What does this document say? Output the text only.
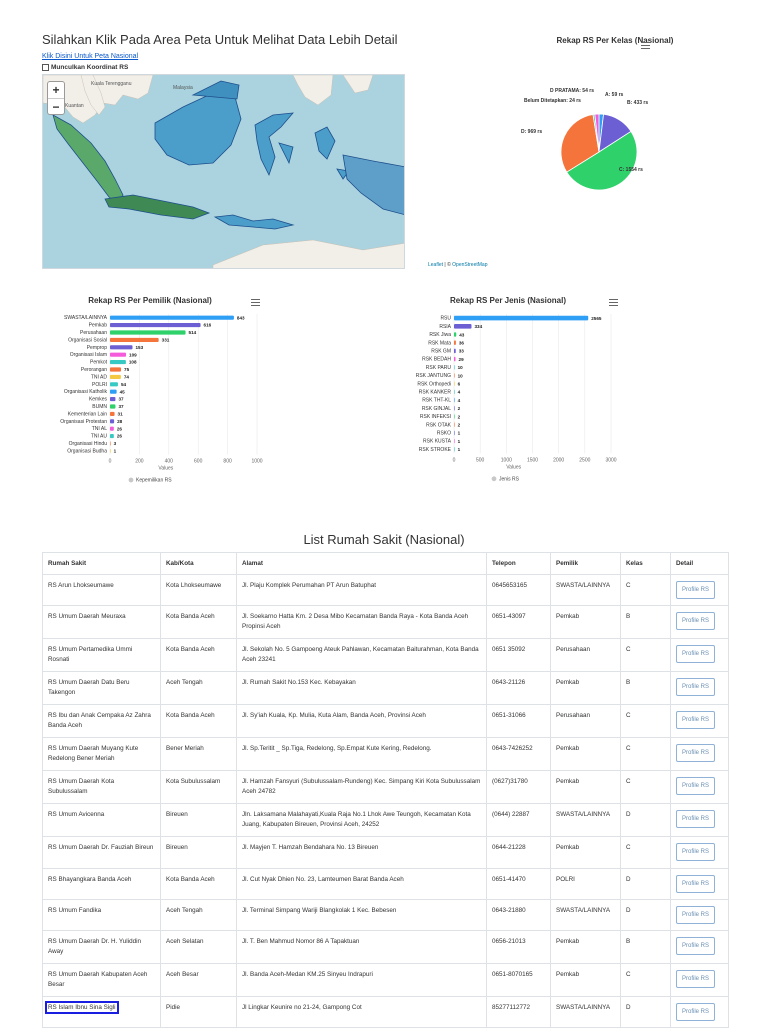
Silahkan Klik Pada Area Peta Untuk Melihat Data Lebih Detail
Klik Disini Untuk Peta Nasional
Munculkan Koordinat RS
Kuala Terengganu
Kuantan
Malaysia
+
−
Leaflet | © OpenStreetMap
A: 59 rs
B: 433 rs
C: 1554 rs
D: 969 rs
Belum Ditetapkan: 24 rs
D PRATAMA: 54 rs
Rekap RS Per Kelas (Nasional)
0	200	400	600	800	1000
SWASTA/LAINNYA	843
Pemkab	616
Perusahaan	514
Organisasi Sosial	331
Pemprop	153
Organisasi Islam	109
Pemkot	108
Perorangan	75
TNI AD	74
POLRI	54
Organisasi Katholik	45
Kemkes 37
BUMN 37
Kementerian Lain 31
Organisasi Protestan 28
TNI AL 26
TNI AU 26
Organisasi Hindu 3
Organisasi Budha 1
Values
Kepemilikan RS
Rekap RS Per Pemilik (Nasional)
0	500	1000	1500	2000	2500	3000
RSU	2565
RSIA	334
RSK Jiwa 43
RSK Mata 36
RSK GM 33
RSK BEDAH 29
RSK PARU 10
RSK JANTUNG 10
RSK Orthopedi 6
RSK KANKER 4
RSK THT-KL 4
RSK GINJAL 2
RSK INFEKSI 2
RSK OTAK 2
RSKO 1
RSK KUSTA 1
RSK STROKE 1
Values
Jenis RS
Rekap RS Per Jenis (Nasional)
List Rumah Sakit (Nasional)
Rumah Sakit	Kab/Kota	Alamat	Telepon	Pemilik	Kelas	Detail
RS Arun Lhokseumawe	Kota Lhokseumawe	Jl. Plaju Komplek Perumahan PT Arun Batuphat	0645653165	SWASTA/LAINNYA	C	Profile RS
RS Umum Daerah Meuraxa	Kota Banda Aceh	Jl. Soekarno Hatta Km. 2 Desa Mibo Kecamatan Banda Raya - Kota Banda Aceh Propinsi Aceh	0651-43097	Pemkab	B	Profile RS
RS Umum Pertamedika Ummi Rosnati	Kota Banda Aceh	Jl. Sekolah No. 5 Gampoeng Ateuk Pahlawan, Kecamatan Baiturahman, Kota Banda Aceh 23241	0651 35092	Perusahaan	C	Profile RS
RS Umum Daerah Datu Beru Takengon	Aceh Tengah	Jl. Rumah Sakit No.153 Kec. Kebayakan	0643-21126	Pemkab	B	Profile RS
RS Ibu dan Anak Cempaka Az Zahra Banda Aceh	Kota Banda Aceh	Jl. Sy'iah Kuala, Kp. Mulia, Kuta Alam, Banda Aceh, Provinsi Aceh	0651-31066	Perusahaan	C	Profile RS
RS Umum Daerah Muyang Kute Redelong Bener Meriah	Bener Meriah	Jl. Sp.Teritit _ Sp.Tiga, Redelong, Sp.Empat Kute Kering, Redelong.	0643-7426252	Pemkab	C	Profile RS
RS Umum Daerah Kota Subulussalam	Kota Subulussalam	Jl. Hamzah Fansyuri (Subulussalam-Rundeng) Kec. Simpang Kiri Kota Subulussalam Aceh 24782	(0627)31780	Pemkab	C	Profile RS
RS Umum Avicenna	Bireuen	Jln. Laksamana Malahayati,Kuala Raja No.1 Lhok Awe Teungoh, Kecamatan Kota Juang, Kabupaten Bireuen, Provinsi Aceh, 24252	(0644) 22887	SWASTA/LAINNYA	D	Profile RS
RS Umum Daerah Dr. Fauziah Bireun	Bireuen	Jl. Mayjen T. Hamzah Bendahara No. 13 Bireuen	0644-21228	Pemkab	C	Profile RS
RS Bhayangkara Banda Aceh	Kota Banda Aceh	Jl. Cut Nyak Dhien No. 23, Lamteumen Barat Banda Aceh	0651-41470	POLRI	D	Profile RS
RS Umum Fandika	Aceh Tengah	Jl. Terminal Simpang Wariji Blangkolak 1 Kec. Bebesen	0643-21880	SWASTA/LAINNYA	D	Profile RS
RS Umum Daerah Dr. H. Yuliddin Away	Aceh Selatan	Jl. T. Ben Mahmud Nomor 86 A Tapaktuan	0656-21013	Pemkab	B	Profile RS
RS Umum Daerah Kabupaten Aceh Besar	Aceh Besar	Jl. Banda Aceh-Medan KM.25 Sinyeu Indrapuri	0651-8070165	Pemkab	C	Profile RS
RS Islam Ibnu Sina Sigli	Pidie	Jl Lingkar Keunire no 21-24, Gampong Cot	85277112772	SWASTA/LAINNYA	D	Profile RS
